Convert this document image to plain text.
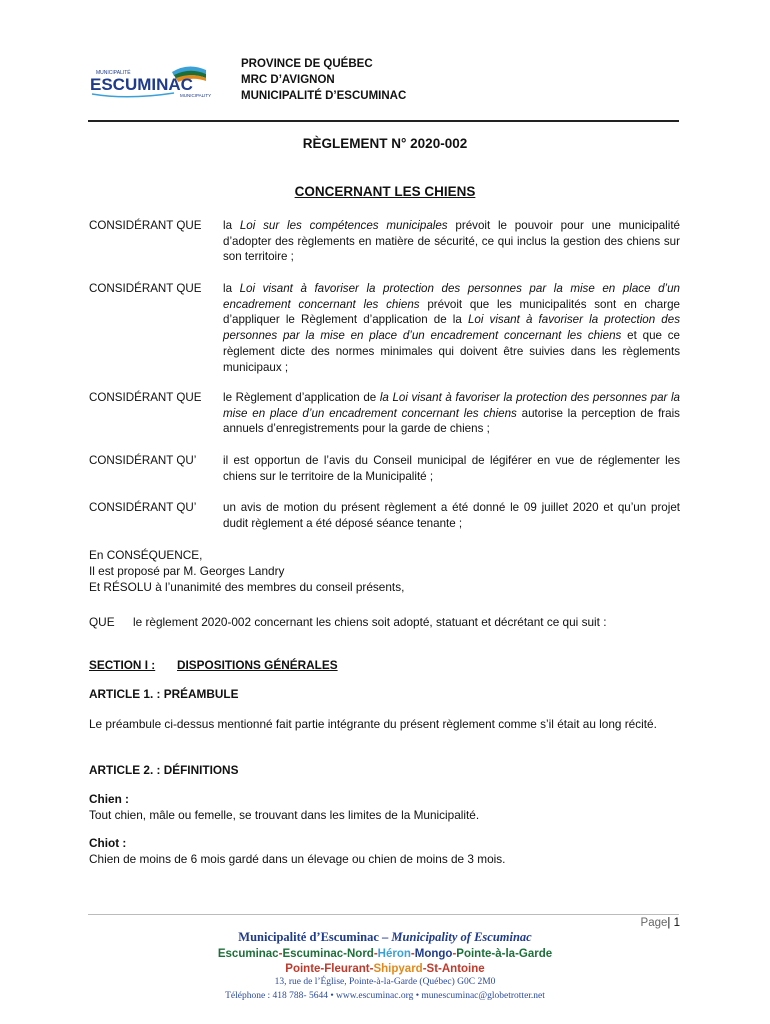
MUNICIPALITÉ
ESCUMINAC
MUNICIPALITY
PROVINCE DE QUÉBEC
MRC D’AVIGNON
MUNICIPALITÉ D’ESCUMINAC
RÈGLEMENT N° 2020-002
CONCERNANT LES CHIENS
CONSIDÉRANT QUE la Loi sur les compétences municipales prévoit le pouvoir pour une municipalité d’adopter des règlements en matière de sécurité, ce qui inclus la gestion des chiens sur son territoire ;
CONSIDÉRANT QUE la Loi visant à favoriser la protection des personnes par la mise en place d’un encadrement concernant les chiens prévoit que les municipalités sont en charge d’appliquer le Règlement d’application de la Loi visant à favoriser la protection des personnes par la mise en place d’un encadrement concernant les chiens et que ce règlement dicte des normes minimales qui doivent être suivies dans les règlements municipaux ;
CONSIDÉRANT QUE le Règlement d’application de la Loi visant à favoriser la protection des personnes par la mise en place d’un encadrement concernant les chiens autorise la perception de frais annuels d’enregistrements pour la garde de chiens ;
CONSIDÉRANT QU’ il est opportun de l’avis du Conseil municipal de légiférer en vue de réglementer les chiens sur le territoire de la Municipalité ;
CONSIDÉRANT QU’ un avis de motion du présent règlement a été donné le 09 juillet 2020 et qu’un projet dudit règlement a été déposé séance tenante ;
En CONSÉQUENCE,
Il est proposé par M. Georges Landry
Et RÉSOLU à l’unanimité des membres du conseil présents,
QUE le règlement 2020-002 concernant les chiens soit adopté, statuant et décrétant ce qui suit :
SECTION I : DISPOSITIONS GÉNÉRALES
ARTICLE 1. : PRÉAMBULE
Le préambule ci-dessus mentionné fait partie intégrante du présent règlement comme s’il était au long récité.
ARTICLE 2. : DÉFINITIONS
Chien :
Tout chien, mâle ou femelle, se trouvant dans les limites de la Municipalité.
Chiot :
Chien de moins de 6 mois gardé dans un élevage ou chien de moins de 3 mois.
Page| 1
Municipalité d’Escuminac – Municipality of Escuminac
Escuminac-Escuminac-Nord-Héron-Mongo-Pointe-à-la-Garde
Pointe-Fleurant-Shipyard-St-Antoine
13, rue de l’Église, Pointe-à-la-Garde (Québec) G0C 2M0
Téléphone : 418 788- 5644 • www.escuminac.org • munescuminac@globetrotter.net
